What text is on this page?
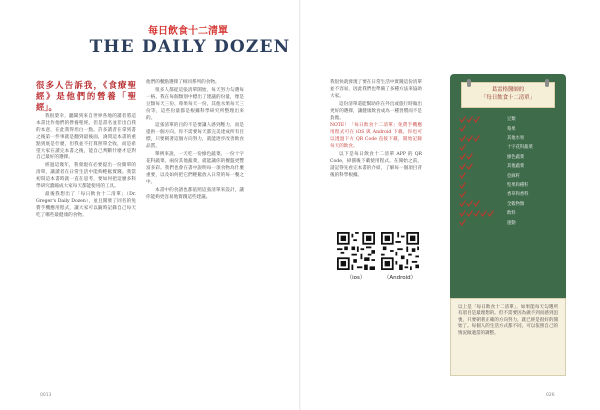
每日飲食十二清單
THE DAILY DOZEN

很多人告訴我，《食療聖經》是他們的營養「聖經」。

我很榮幸，聽聞到來自世界各地的讀者將這本書比作他們的營養聖經。但是書名並非出自我的本意，在此我得坦白一點。許多讀者在拿到書之後第一件事就是翻到最後面，詢問這本書的重點到底是什麼，但我並不打算照單全收，而是希望大家在讀完本書之後，能自己判斷什麼才是對自己最好的選擇。

經過這幾年，我發現有必要提出一份簡單的清單，讓讀者在日常生活中能夠輕鬆實踐。我當初寫這本書時就一直在思考，要如何把這麼多科學研究濃縮成大家每天都能使用的工具。

最後我想出了「每日飲食十二清單」（Dr. Greger's Daily Dozen），並且開發了同名的免費手機應用程式，讓大家可以隨時記錄自己每天吃了哪些最健康的食物。

他們的餐點選擇了相同系列的食物。

很多人都從這張清單開始，每天努力勾選每一格。我在每個類別中標出了建議的份量，像是豆類每天三份、莓果每天一份、其他水果每天三份等，這些份量都是根據科學研究所整理出來的。

這張清單的目的不是要讓人感到壓力，而是提供一個方向。你不需要每天都完美達成所有目標，只要朝著這個方向努力，就能逐步改善飲食品質。

舉例來說，一天吃一份綠色蔬菜、一份十字花科蔬菜、兩份其他蔬菜，就能讓你的餐盤更豐富多彩。我們也會在書中說明每一項食物為什麼重要，以及如何把它們輕鬆放入日常的每一餐之中。

本書中的食譜也都依照這張清單來設計，讓你能夠更容易地實踐這些建議。

我很快就發現了要在日常生活中實踐這份清單並不容易，因此我們也準備了多種方法來協助大家。

這份清單還能幫助你在外出或旅行時做出更好的選擇，讓健康飲食成為一種習慣而不是負擔。

NOTE！「每日飲食十二清單」免費手機應用程式可在 iOS 與 Android 下載。你也可以透過下方 QR Code 直接下載，開始記錄每天的飲食。

以下是每日飲食十二清單 APP 的 QR Code，掃描後下載使用程式。在開始之前，請記得先看完本書的介紹，了解每一個項目背後的科學根據。

（ios）	（Android）
葛雷格醫師的
「每日飲食十二清單」
豆類
莓果
其他水果
十字花科蔬菜
綠色蔬菜
其他蔬菜
亞麻籽
堅果和種籽
香草和香料
全穀物類
飲料
運動
以上是「每日飲食十二清單」，如果能每天勾選所有項目是最理想的。但不需要因為做不到而感到沮喪，只要朝著正確的方向努力，就已經是很好的開始了。每個人的生活方式都不同，可以依照自己的情況做適當的調整。
0013	026
